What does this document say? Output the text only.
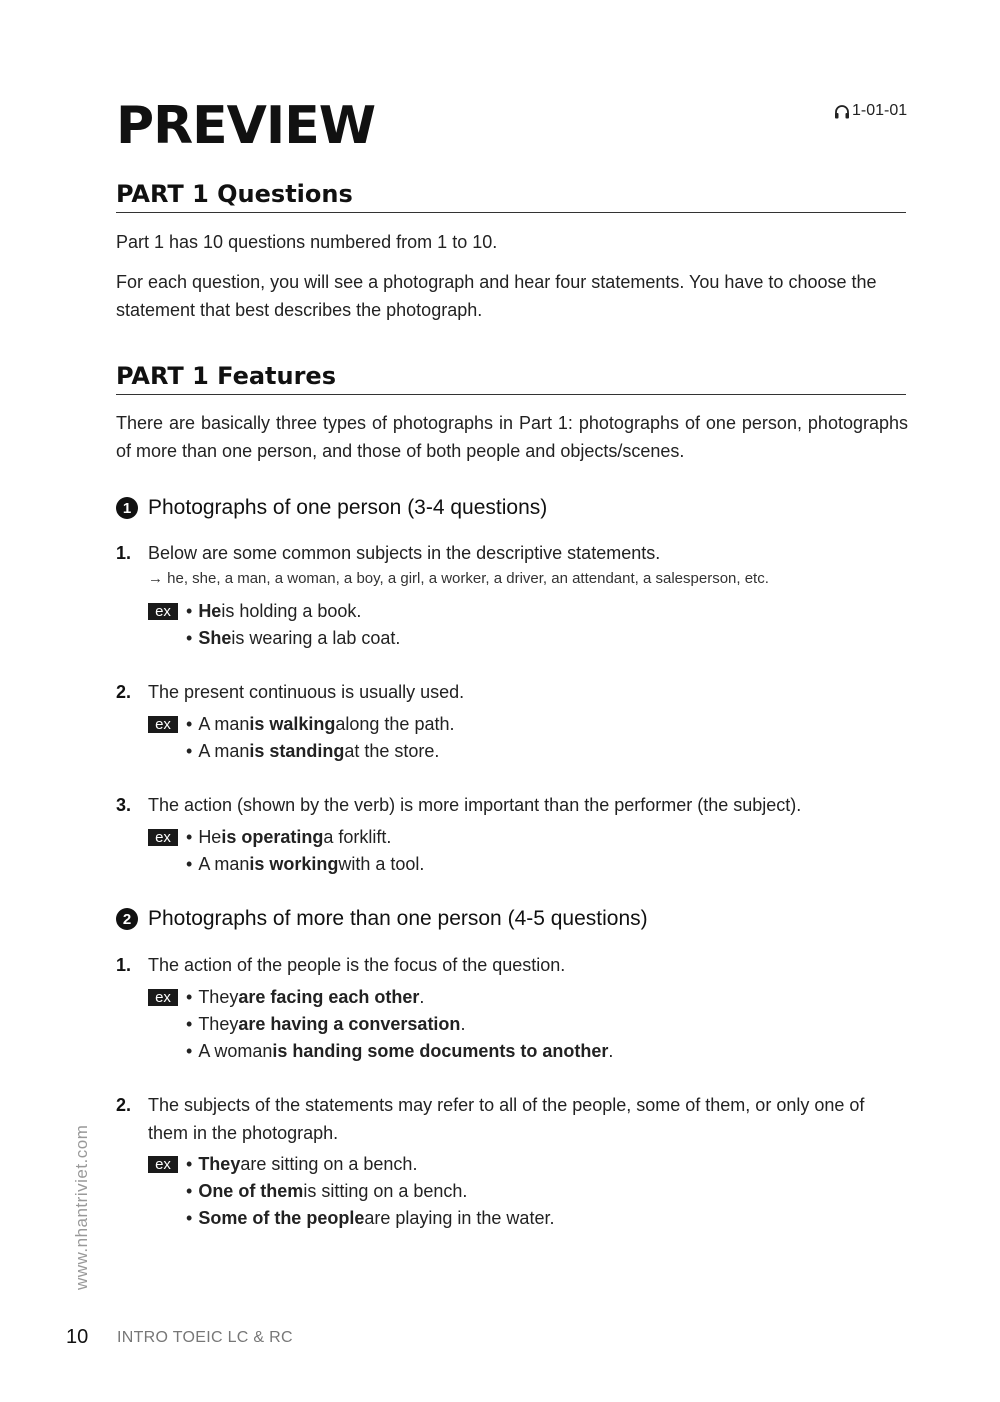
PREVIEW	1-01-01
PART 1 Questions
Part 1 has 10 questions numbered from 1 to 10.
For each question, you will see a photograph and hear four statements. You have to choose the statement that best describes the photograph.
PART 1 Features
There are basically three types of photographs in Part 1: photographs of one person, photographs of more than one person, and those of both people and objects/scenes.
1 Photographs of one person (3-4 questions)
1. Below are some common subjects in the descriptive statements.
→ he, she, a man, a woman, a boy, a girl, a worker, a driver, an attendant, a salesperson, etc.
ex • He is holding a book.
• She is wearing a lab coat.
2. The present continuous is usually used.
ex • A man is walking along the path.
• A man is standing at the store.
3. The action (shown by the verb) is more important than the performer (the subject).
ex • He is operating a forklift.
• A man is working with a tool.
2 Photographs of more than one person (4-5 questions)
1. The action of the people is the focus of the question.
ex • They are facing each other .
• They are having a conversation .
• A woman is handing some documents to another .
2. The subjects of the statements may refer to all of the people, some of them, or only one of them in the photograph.
ex • They are sitting on a bench.
• One of them is sitting on a bench.
• Some of the people are playing in the water.
www.nhantriviet.com
10 INTRO TOEIC LC & RC
